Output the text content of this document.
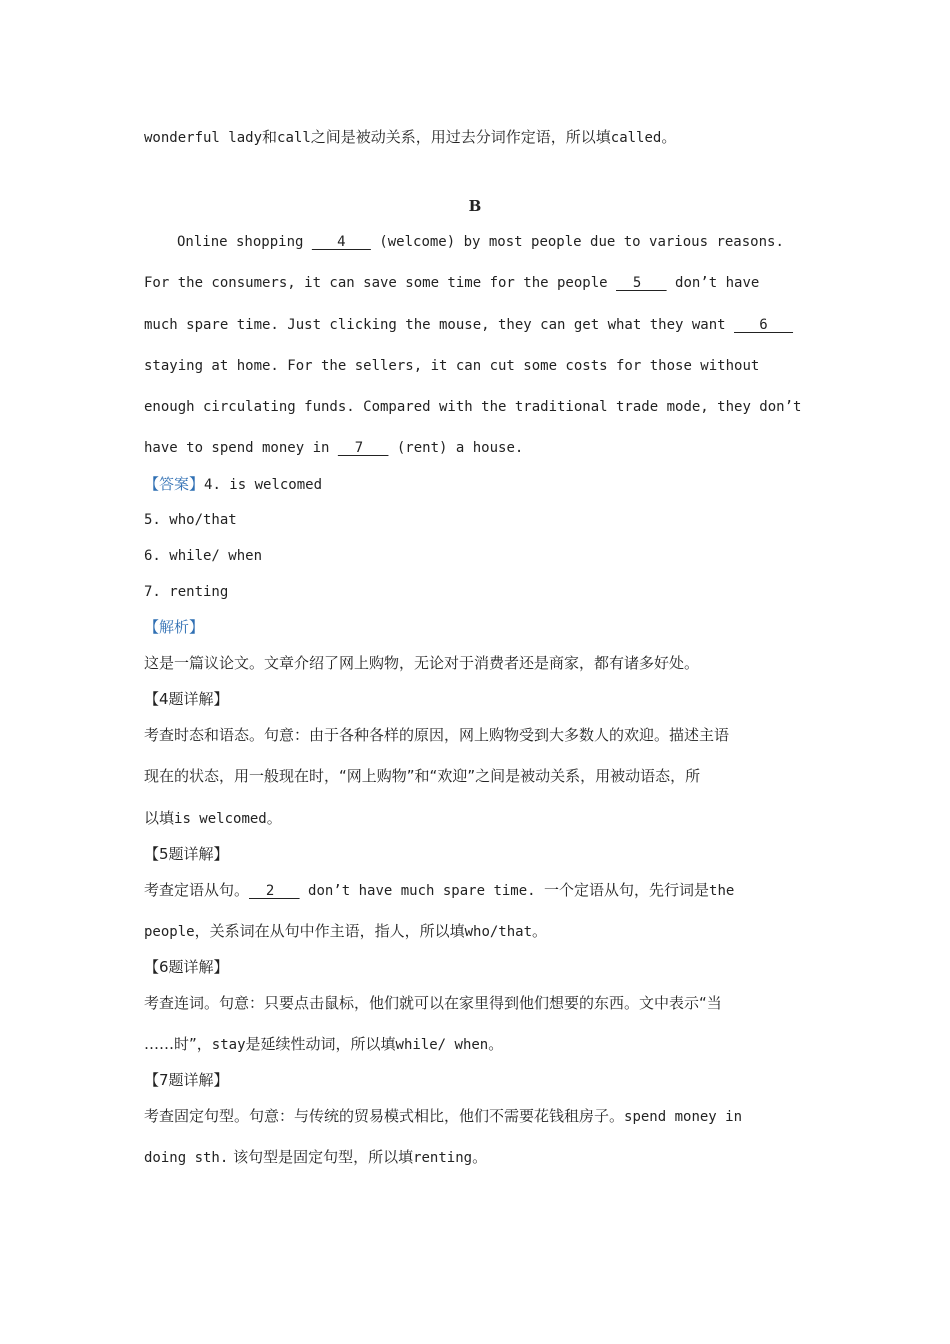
wonderful lady和call之间是被动关系，用过去分词作定语，所以填called。
B
Online shopping    4    (welcome) by most people due to various reasons.
For the consumers, it can save some time for the people   5    don’t have
much spare time. Just clicking the mouse, they can get what they want    6
staying at home. For the sellers, it can cut some costs for those without
enough circulating funds. Compared with the traditional trade mode, they don’t
have to spend money in   7    (rent) a house.
【答案】4. is welcomed
5. who/that
6. while/ when
7. renting
【解析】
这是一篇议论文。文章介绍了网上购物，无论对于消费者还是商家，都有诸多好处。
【4题详解】
考查时态和语态。句意：由于各种各样的原因，网上购物受到大多数人的欢迎。描述主语
现在的状态，用一般现在时，“网上购物”和“欢迎”之间是被动关系，用被动语态，所
以填is welcomed。
【5题详解】
考查定语从句。  2    don’t have much spare time. 一个定语从句，先行词是the
people，关系词在从句中作主语，指人，所以填who/that。
【6题详解】
考查连词。句意：只要点击鼠标，他们就可以在家里得到他们想要的东西。文中表示“当
……时”，stay是延续性动词，所以填while/ when。
【7题详解】
考查固定句型。句意：与传统的贸易模式相比，他们不需要花钱租房子。spend money in
doing sth. 该句型是固定句型，所以填renting。
